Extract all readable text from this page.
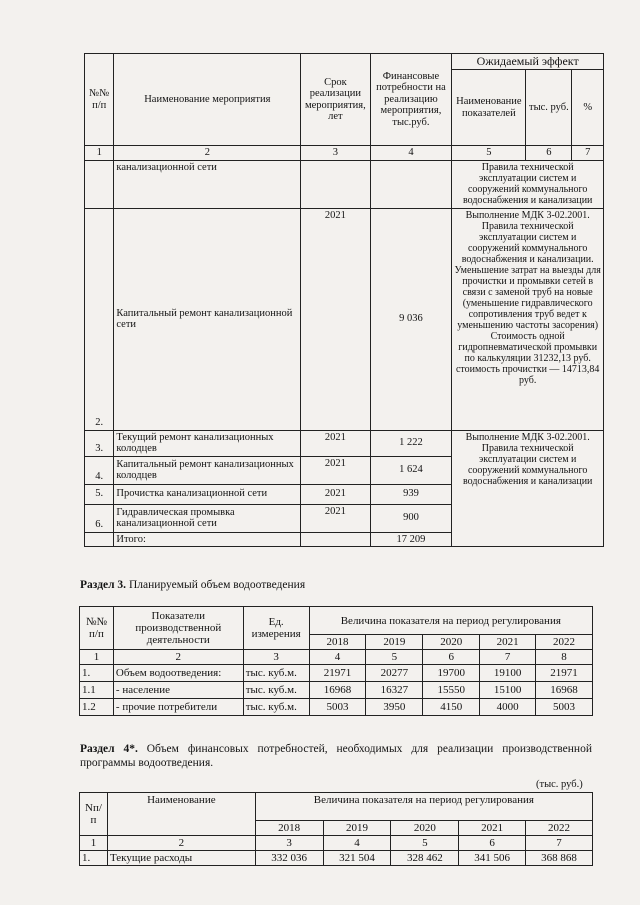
№№ п/п	Наименование мероприятия	Срок реализации мероприятия, лет	Финансовые потребности на реализацию мероприятия, тыс.руб.	Ожидаемый эффект		
				Наименование показателей	тыс. руб.	%
1	2	3	4	5	6	7
	канализационной сети			Правила технической эксплуатации систем и сооружений коммунального водоснабжения и канализации		
2.	Капитальный ремонт канализационной сети	2021	9 036	Выполнение МДК 3-02.2001. Правила технической эксплуатации систем и сооружений коммунального водоснабжения и канализации. Уменьшение затрат на выезды для прочистки и промывки сетей в связи с заменой труб на новые (уменьшение гидравлического сопротивления труб ведет к уменьшению частоты засорения) Стоимость одной гидропневматической промывки по калькуляции 31232,13 руб. стоимость прочистки — 14713,84 руб.		
3.	Текущий ремонт канализационных колодцев	2021	1 222	Выполнение МДК 3-02.2001. Правила технической эксплуатации систем и сооружений коммунального водоснабжения и канализации		
4.	Капитальный ремонт канализационных колодцев	2021	1 624			
5.	Прочистка канализационной сети	2021	939			
6.	Гидравлическая промывка канализационной сети	2021	900			
	Итого:		17 209			
Раздел 3. Планируемый объем водоотведения
№№ п/п	Показатели производственной деятельности	Ед. измерения	Величина показателя на период регулирования				
			2018	2019	2020	2021	2022
1	2	3	4	5	6	7	8
1.	Объем водоотведения:	тыс. куб.м.	21971	20277	19700	19100	21971
1.1	- население	тыс. куб.м.	16968	16327	15550	15100	16968
1.2	- прочие потребители	тыс. куб.м.	5003	3950	4150	4000	5003
Раздел 4*. Объем финансовых потребностей, необходимых для реализации производственной программы водоотведения.
(тыс. руб.)
Nп/ п	Наименование	Величина показателя на период регулирования				
		2018	2019	2020	2021	2022
1	2	3	4	5	6	7
1.	Текущие расходы	332 036	321 504	328 462	341 506	368 868
